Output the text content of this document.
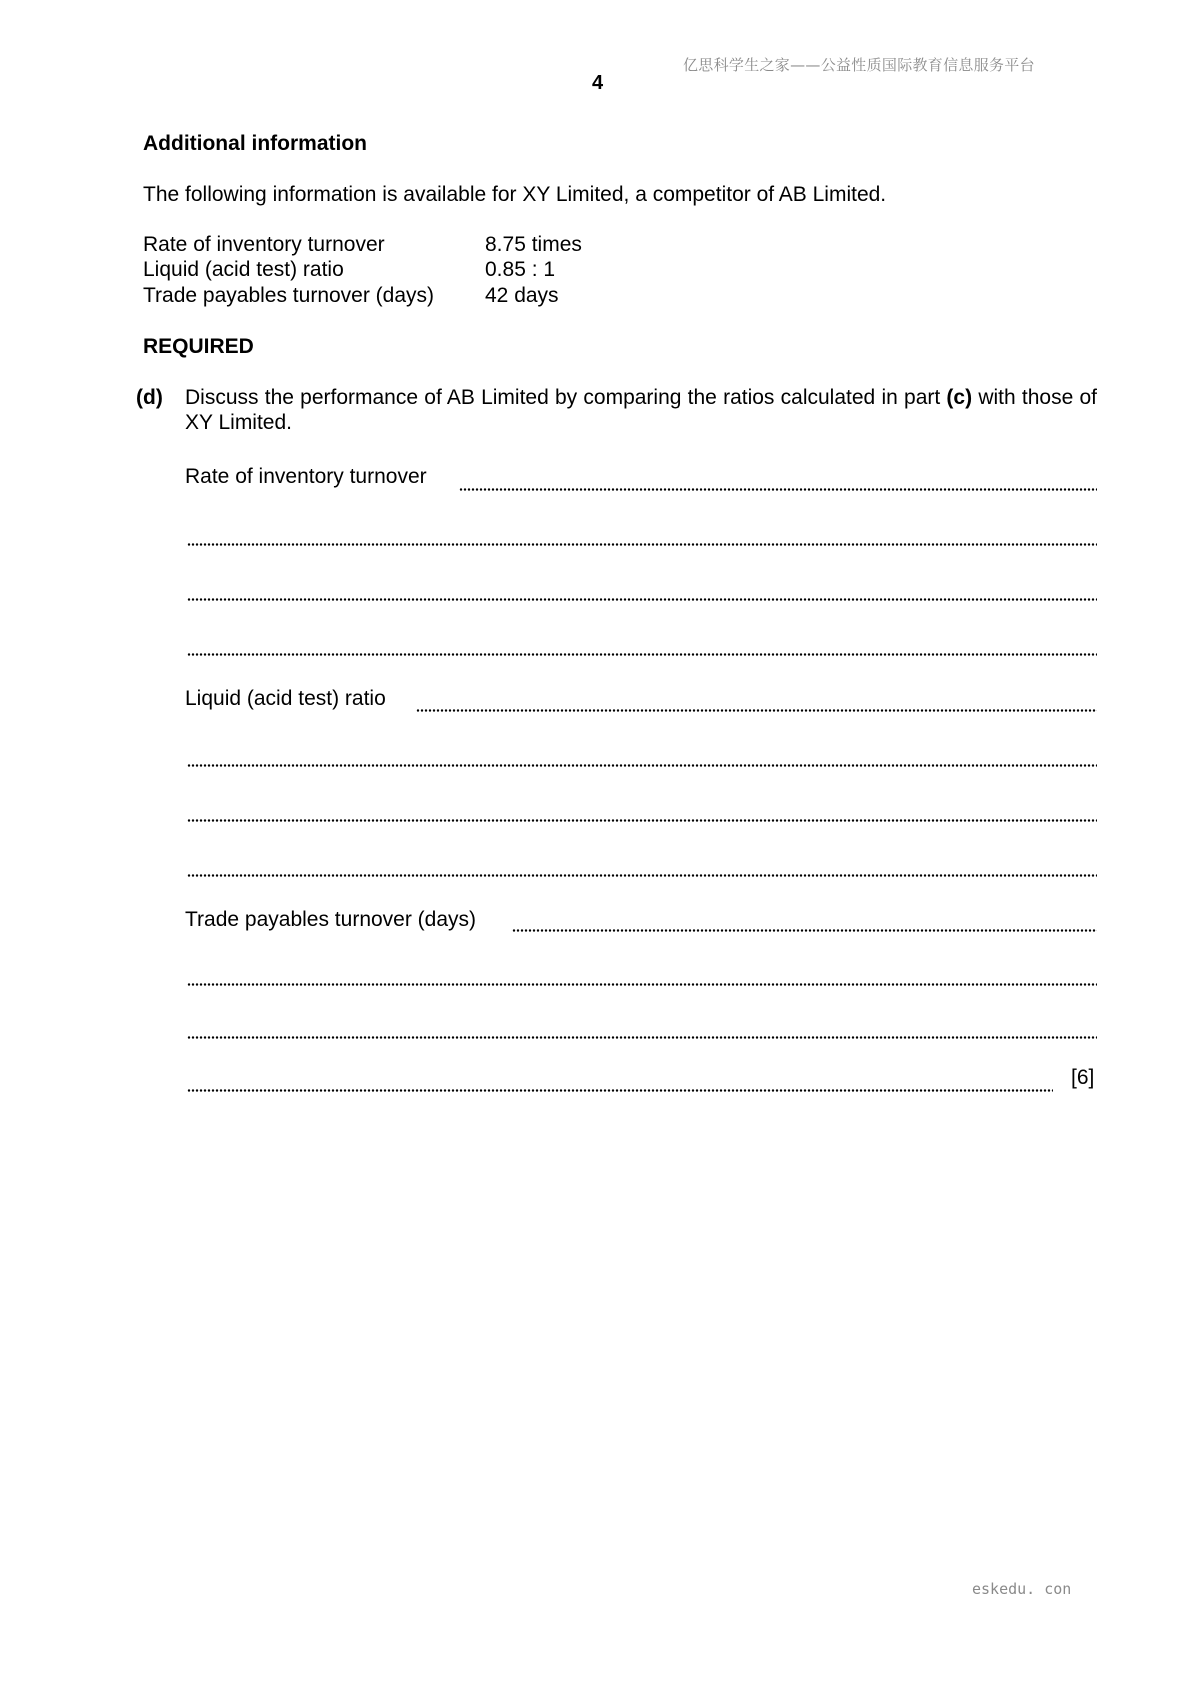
亿思科学生之家——公益性质国际教育信息服务平台
4
Additional information
The following information is available for XY Limited, a competitor of AB Limited.
Rate of inventory turnover	8.75 times
Liquid (acid test) ratio	0.85 : 1
Trade payables turnover (days) 42 days
REQUIRED
(d) Discuss the performance of AB Limited by comparing the ratios calculated in part (c) with those of XY Limited.
Rate of inventory turnover
Liquid (acid test) ratio
Trade payables turnover (days)
[6]
eskedu. con
